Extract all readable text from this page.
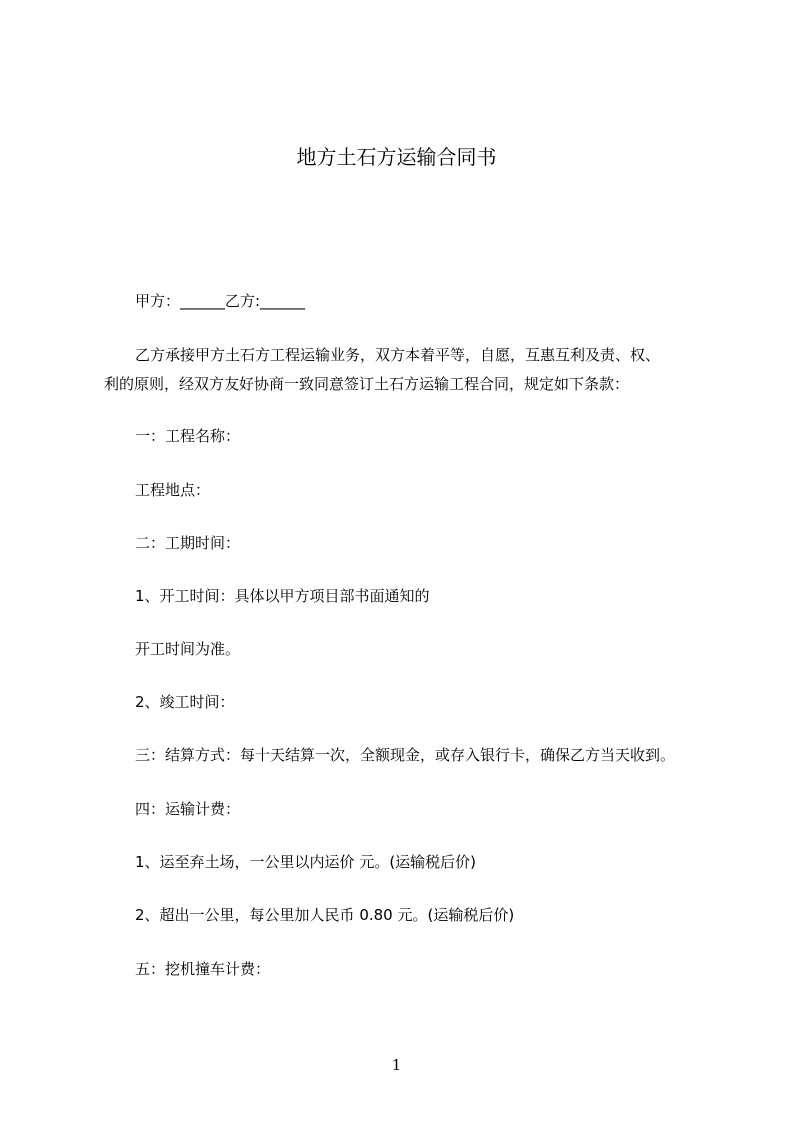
地方土石方运输合同书
甲方：______乙方:______
乙方承接甲方土石方工程运输业务，双方本着平等，自愿，互惠互利及责、权、
利的原则，经双方友好协商一致同意签订土石方运输工程合同，规定如下条款：
一：工程名称：
工程地点：
二：工期时间：
1、开工时间：具体以甲方项目部书面通知的
开工时间为准。
2、竣工时间：
三：结算方式：每十天结算一次，全额现金，或存入银行卡，确保乙方当天收到。
四：运输计费：
1、运至弃土场，一公里以内运价 元。(运输税后价)
2、超出一公里，每公里加人民币 0.80 元。(运输税后价)
五：挖机撞车计费：
1
